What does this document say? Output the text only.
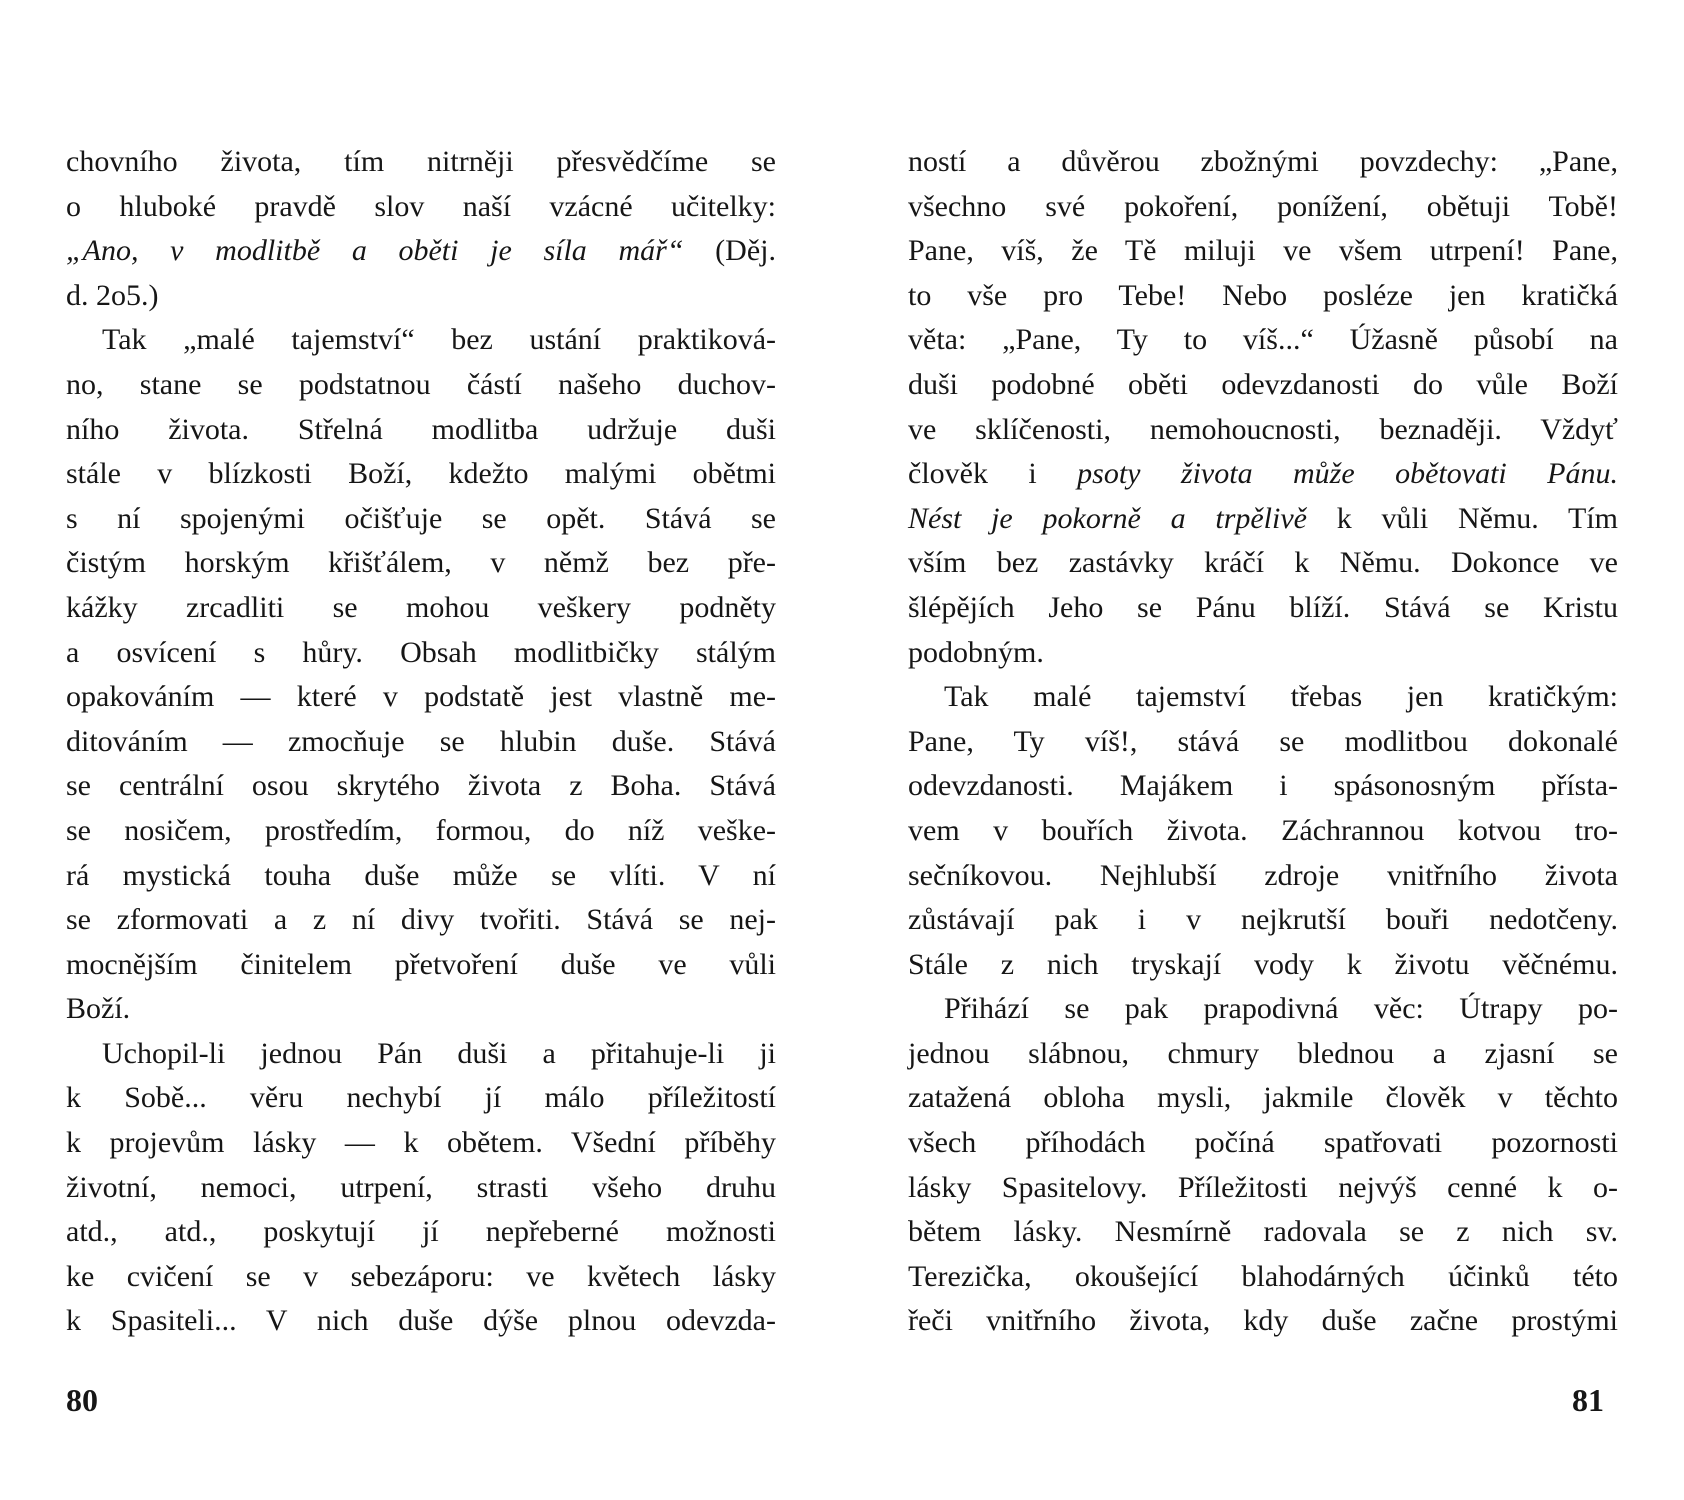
chovního života, tím nitrněji přesvědčíme se
o hluboké pravdě slov naší vzácné učitelky:
„Ano, v modlitbě a oběti je síla mář“ (Děj.
d. 2o5.)
Tak „malé tajemství“ bez ustání praktiková-
no, stane se podstatnou částí našeho duchov-
ního života. Střelná modlitba udržuje duši
stále v blízkosti Boží, kdežto malými obětmi
s ní spojenými očišťuje se opět. Stává se
čistým horským křišťálem, v němž bez pře-
kážky zrcadliti se mohou veškery podněty
a osvícení s hůry. Obsah modlitbičky stálým
opakováním — které v podstatě jest vlastně me-
ditováním — zmocňuje se hlubin duše. Stává
se centrální osou skrytého života z Boha. Stává
se nosičem, prostředím, formou, do níž veške-
rá mystická touha duše může se vlíti. V ní
se zformovati a z ní divy tvořiti. Stává se nej-
mocnějším činitelem přetvoření duše ve vůli
Boží.
Uchopil-li jednou Pán duši a přitahuje-li ji
k Sobě... věru nechybí jí málo příležitostí
k projevům lásky — k obětem. Všední příběhy
životní, nemoci, utrpení, strasti všeho druhu
atd., atd., poskytují jí nepřeberné možnosti
ke cvičení se v sebezáporu: ve květech lásky
k Spasiteli... V nich duše dýše plnou odevzda-
80
ností a důvěrou zbožnými povzdechy: „Pane,
všechno své pokoření, ponížení, obětuji Tobě!
Pane, víš, že Tě miluji ve všem utrpení! Pane,
to vše pro Tebe! Nebo posléze jen kratičká
věta: „Pane, Ty to víš...“ Úžasně působí na
duši podobné oběti odevzdanosti do vůle Boží
ve sklíčenosti, nemohoucnosti, beznaději. Vždyť
člověk i psoty života může obětovati Pánu.
Nést je pokorně a trpělivě k vůli Němu. Tím
vším bez zastávky kráčí k Němu. Dokonce ve
šlépějích Jeho se Pánu blíží. Stává se Kristu
podobným.
Tak malé tajemství třebas jen kratičkým:
Pane, Ty víš!, stává se modlitbou dokonalé
odevzdanosti. Majákem i spásonosným přísta-
vem v bouřích života. Záchrannou kotvou tro-
sečníkovou. Nejhlubší zdroje vnitřního života
zůstávají pak i v nejkrutší bouři nedotčeny.
Stále z nich tryskají vody k životu věčnému.
Přihází se pak prapodivná věc: Útrapy po-
jednou slábnou, chmury blednou a zjasní se
zatažená obloha mysli, jakmile člověk v těchto
všech příhodách počíná spatřovati pozornosti
lásky Spasitelovy. Příležitosti nejvýš cenné k o-
bětem lásky. Nesmírně radovala se z nich sv.
Terezička, okoušející blahodárných účinků této
řeči vnitřního života, kdy duše začne prostými
81
